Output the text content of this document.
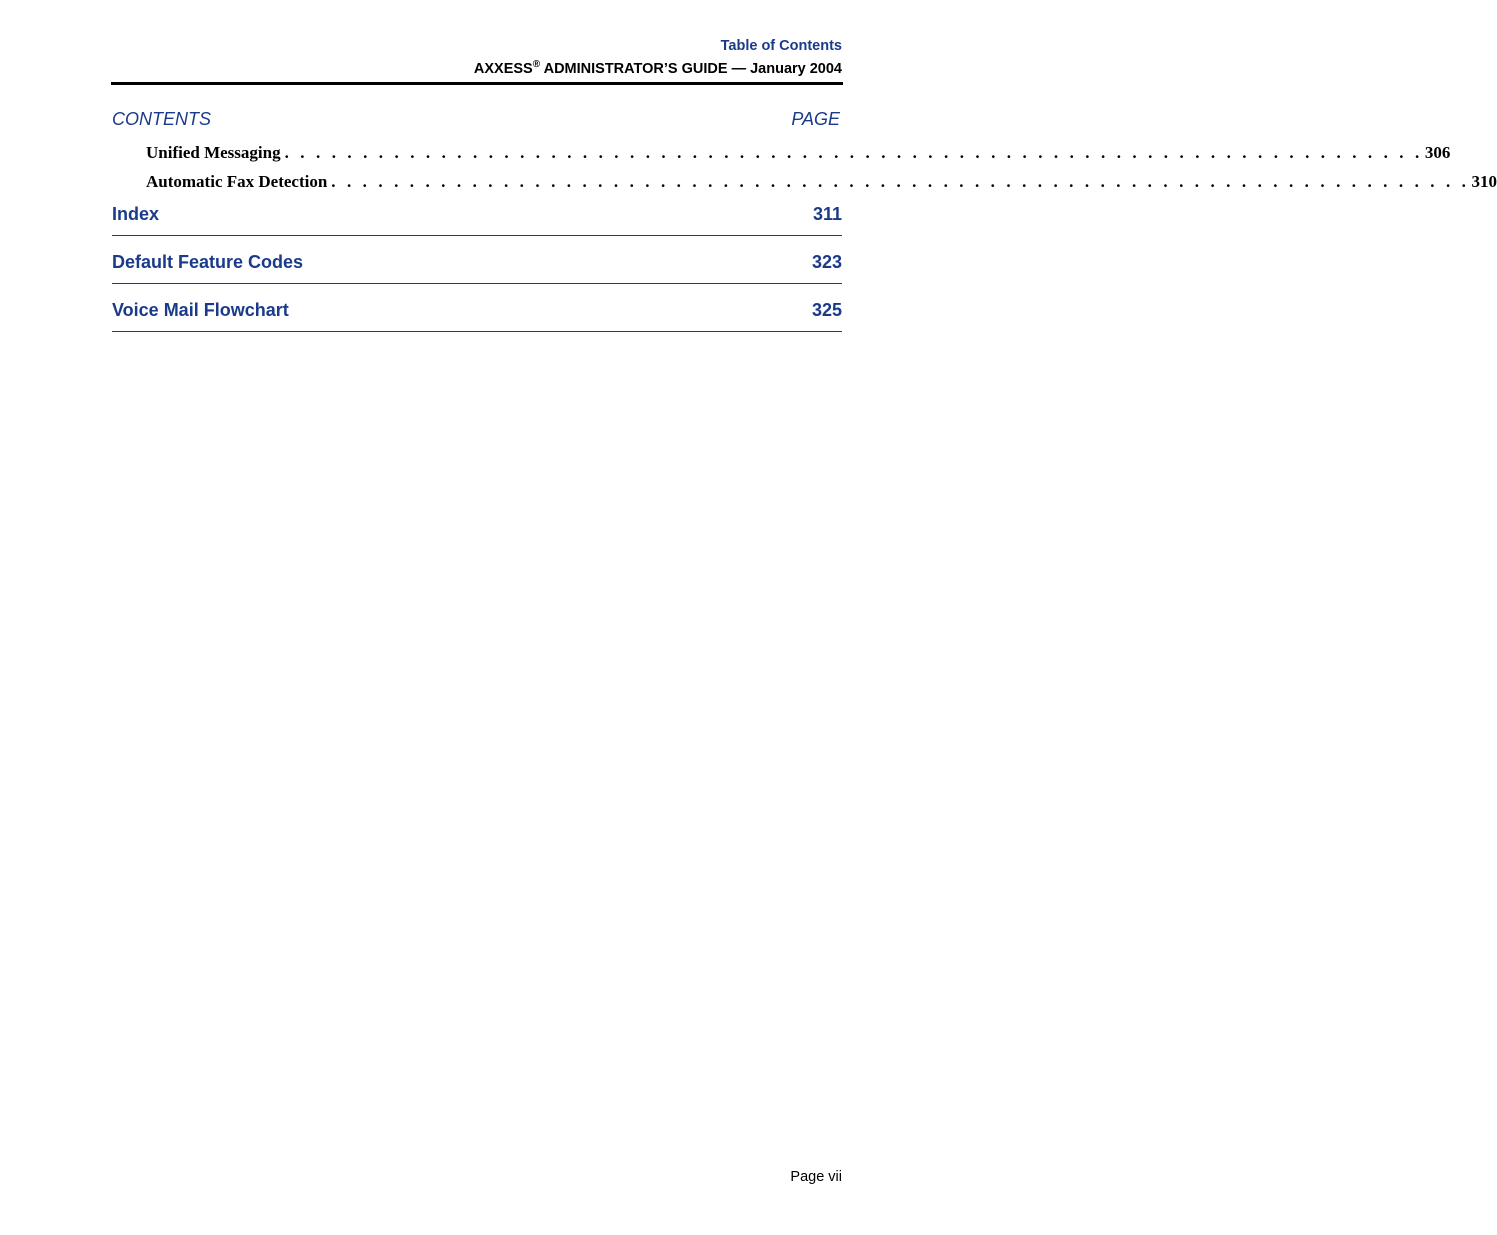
Table of Contents
AXXESS® ADMINISTRATOR’S GUIDE — January 2004
CONTENTS	PAGE
Unified Messaging . . . . . . . . . . . . . . . . . . . . . . . . . . . . . . . . . . . . . . . . . . . . . . . . . . . . . . . . . . . . . . . . . . . . . . . . . 306
Automatic Fax Detection . . . . . . . . . . . . . . . . . . . . . . . . . . . . . . . . . . . . . . . . . . . . . . . . . . . . . . . . . . . . . . . . . . . . . . . . . 310
Index	311
Default Feature Codes	323
Voice Mail Flowchart	325
Page vii
